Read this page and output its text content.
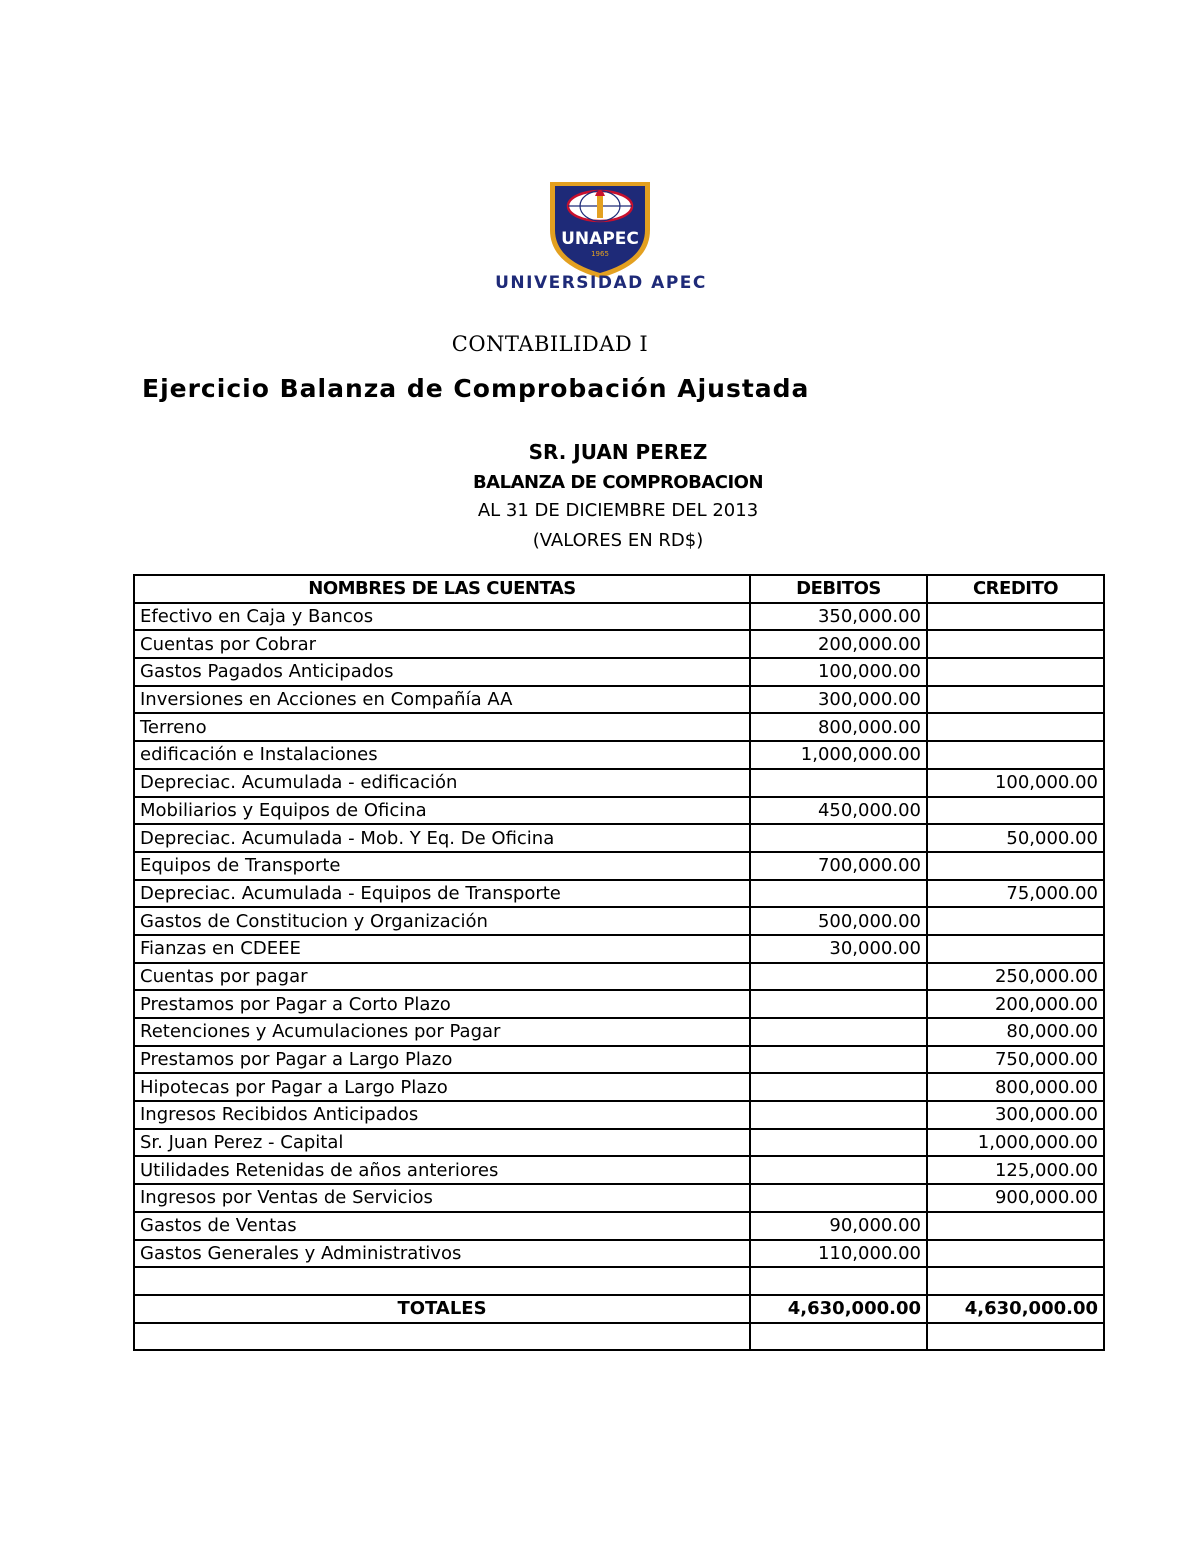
UNAPEC
1965
UNIVERSIDAD APEC
CONTABILIDAD I
Ejercicio Balanza de Comprobación Ajustada
SR. JUAN PEREZ
BALANZA DE COMPROBACION
AL 31 DE DICIEMBRE DEL 2013
(VALORES EN RD$)
NOMBRES DE LAS CUENTAS	DEBITOS	CREDITO
Efectivo en Caja y Bancos	350,000.00	
Cuentas por Cobrar	200,000.00	
Gastos Pagados Anticipados	100,000.00	
Inversiones en Acciones en Compañía AA	300,000.00	
Terreno	800,000.00	
edificación e Instalaciones	1,000,000.00	
Depreciac. Acumulada - edificación		100,000.00
Mobiliarios y Equipos de Oficina	450,000.00	
Depreciac. Acumulada - Mob. Y Eq. De Oficina		50,000.00
Equipos de Transporte	700,000.00	
Depreciac. Acumulada - Equipos de Transporte		75,000.00
Gastos de Constitucion y Organización	500,000.00	
Fianzas en CDEEE	30,000.00	
Cuentas por pagar		250,000.00
Prestamos por Pagar a Corto Plazo		200,000.00
Retenciones y Acumulaciones por Pagar		80,000.00
Prestamos por Pagar a Largo Plazo		750,000.00
Hipotecas por Pagar a Largo Plazo		800,000.00
Ingresos Recibidos Anticipados		300,000.00
Sr. Juan Perez - Capital		1,000,000.00
Utilidades Retenidas de años anteriores		125,000.00
Ingresos por Ventas de Servicios		900,000.00
Gastos de Ventas	90,000.00	
Gastos Generales y Administrativos	110,000.00	

TOTALES	4,630,000.00	4,630,000.00
